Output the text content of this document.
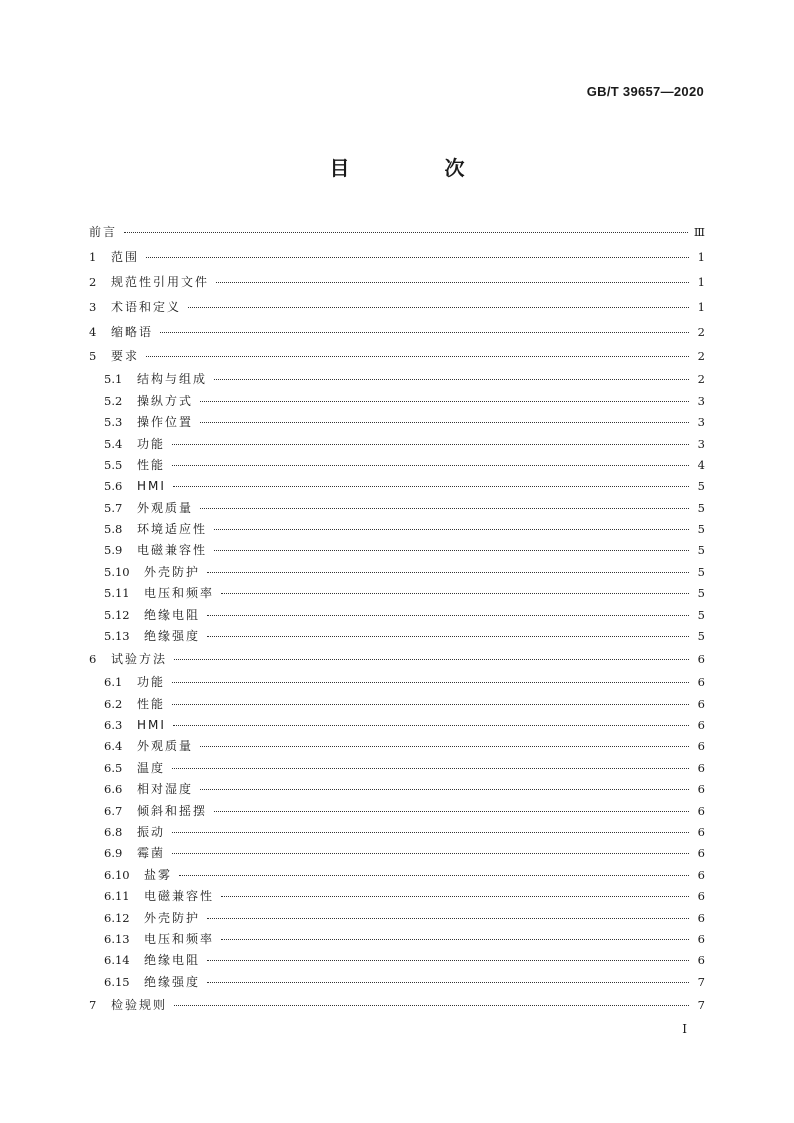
GB/T 39657—2020
目 次
前言	Ⅲ
1	范围	1
2	规范性引用文件	1
3	术语和定义	1
4	缩略语	2
5	要求	2
5.1	结构与组成	2
5.2	操纵方式	3
5.3	操作位置	3
5.4	功能	3
5.5	性能	4
5.6	HMI	5
5.7	外观质量	5
5.8	环境适应性	5
5.9	电磁兼容性	5
5.10	外壳防护	5
5.11	电压和频率	5
5.12	绝缘电阻	5
5.13	绝缘强度	5
6	试验方法	6
6.1	功能	6
6.2	性能	6
6.3	HMI	6
6.4	外观质量	6
6.5	温度	6
6.6	相对湿度	6
6.7	倾斜和摇摆	6
6.8	振动	6
6.9	霉菌	6
6.10	盐雾	6
6.11	电磁兼容性	6
6.12	外壳防护	6
6.13	电压和频率	6
6.14	绝缘电阻	6
6.15	绝缘强度	7
7	检验规则	7
I
